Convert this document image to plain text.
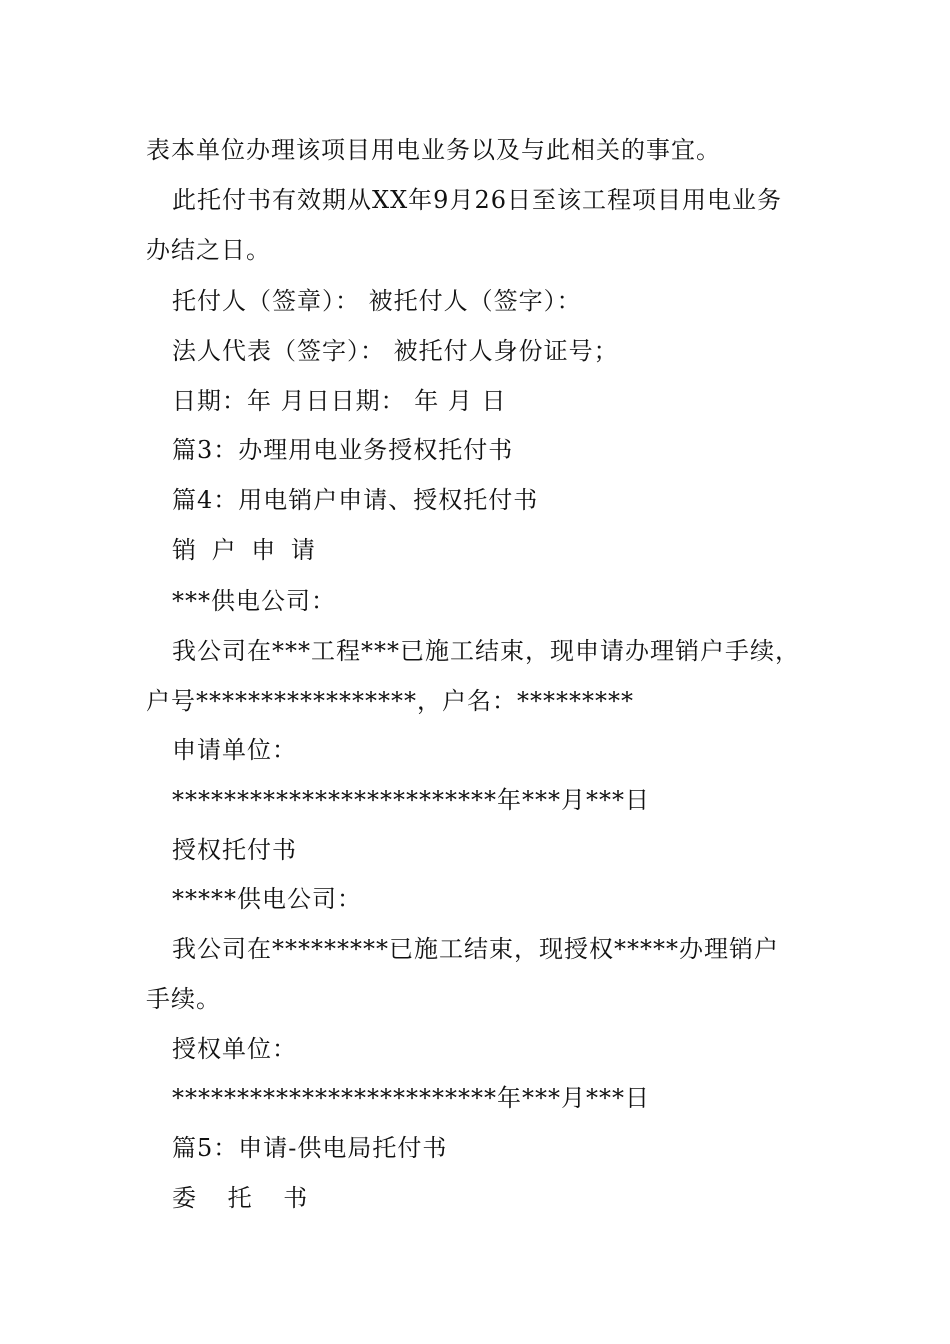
表本单位办理该项目用电业务以及与此相关的事宜。
此托付书有效期从XX年9月26日至该工程项目用电业务
办结之日。
托付人（签章）： 被托付人（签字）：
法人代表（签字）： 被托付人身份证号；
日期：年 月日日期： 年 月 日
篇3：办理用电业务授权托付书
篇4：用电销户申请、授权托付书
销 户 申 请
***供电公司：
我公司在***工程***已施工结束，现申请办理销户手续，
户号*****************，户名：*********
申请单位：
*************************年***月***日
授权托付书
*****供电公司：
我公司在*********已施工结束，现授权*****办理销户
手续。
授权单位：
*************************年***月***日
篇5：申请-供电局托付书
委 托 书
